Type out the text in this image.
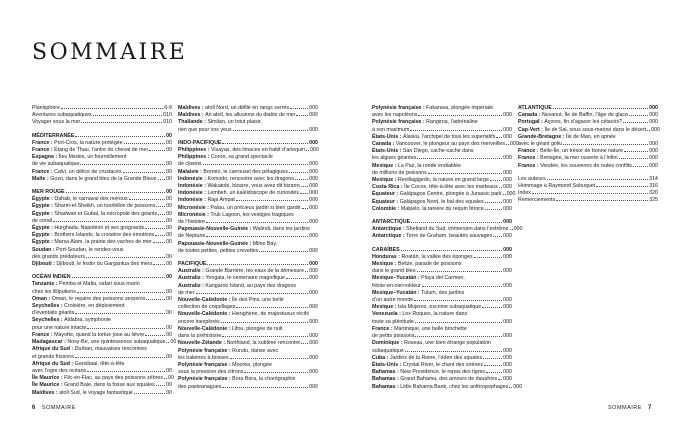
SOMMAIRE
Planisphère	6-9
Aventures subaquatiques	010
Voyager sous la mer	010
MÉDITERRANÉE	00
France : Port-Cros, la nature protégée	00
France : Étang de Thau, l’antre du cheval de mer	00
Espagne : Îles Medes, un fourmillement
de vie subaquatique	00
France : Calvi, un délice de crustacés	00
Malte : Gozo, dans le grand bleu de la Grande Bleue 00
MER ROUGE	00
Égypte : Dahab, le carnaval des mérous	00
Égypte : Sharm-el-Sheikh, un tourbillon de poissons 00
Égypte : Shadwan et Gubal, la nécropole des géants 00
de corail	00
Égypte : Hurghada, Napoléon et ses grognards	00
Égypte : Brothers Islands, la croisière des émotions 00
Égypte : Marsa Alam, la prairie des vaches de mer	00
Soudan : Port-Soudan, le rendez-vous
des grands prédateurs	00
Djibouti : Djibouti, le festin du Gargantua des mers	00
OCÉAN INDIEN	00
Tanzanie : Pemba et Mafia, safari sous-marin
chez les lilliputiens	00
Oman : Oman, le repaire des poissons serpents	00
Seychelles : Croisière, en déploiement
d’éventails géants	00
Seychelles : Aldabra, symphonie
pour une nature intacte	00
France : Mayotte, quand la tortue joue au lièvre	00
Madagascar : Nosy-Be, une quintessence subaquatique 00
Afrique du Sud : Durban, mauvaises rencontres
et grands frissons	00
Afrique du Sud : Gansbaai, tête-à-tête
avec l’ogre des océans	00
Île Maurice : Flic-en-Flac, au pays des poissons zèbres 00
Île Maurice : Grand Baie, dans la fosse aux squales 00
Maldives : atoll Sud, le voyage fantastique	00
Maldives : atoll Nord, un défilé en rangs serrés	000
Maldives : Ari atoll, les allusions du diable de mer	000
Thaïlande : Similan, un totut plaisir,
rien que pour vos yeux	000
INDO-PACIFIQUE	000
Philippines : Visayas, des limaces en habit d’arlequin 000
Philippines : Coron, sa grand spectacle
de clowns	000
Malaisie : Bornéo, le carrousel des pélagiques	000
Indonésie : Komodo, rencontre avec les dragons	000
Indonésie : Wakatobi, bizarre, vous avez dit bizarre 000
Indonésie : Lembeh, un kaléidoscope de curiosités 000
Indonésie : Raja Ampat	000
Micronésie : Palau, un précieux jardin si bien gardé 000
Micronésie : Truk Lagoon, les vestiges tragiques
de l’histoire	000
Papouasie-Nouvelle-Guinée : Walindi, dans les jardins
de Neptune	000
Papouasie-Nouvelle-Guinée : Milne Bay,
de toutes petites, petites crevettes	000
PACIFIQUE	000
Australie : Grande Barrière, les eaux de la démesure 000
Australie : Yongala, le centenaire magnifique	000
Australie : Kangaroo Island, au pays des dragons
de mer	000
Nouvelle-Calédonie : Île des Pins, une belle
collection de coquillages	000
Nouvelle-Calédonie : Hienghène, de majestueux récifs
encore inexplorés	000
Nouvelle-Calédonie : Lifou, plongée de nuit
dans la préhistoire	000
Nouvelle-Zélande : Northland, la sublime rencontre 000
Polynésie française : Rurutu, danse avec
les baleines à bosses	000
Polynésie française : Mooréa, plongée
sous la pression des citrons	000
Polynésie française : Bora Bora, la chorégraphie
des pasteanagues	000
6 SOMMAIRE
Polynésie française : Fakarava, plongée impériale
avec les napoléons	000
Polynésie française : Rangiroa, l’adrénaline
à son maximum	000
États-Unis : Alaska, l’archipel de tous les superlatifs 000
Canada : Vancouver, le plongeur au pays des merveilles 000
États-Unis : San Diego, cache-cache dans
les algues géantes	000
Mexique : La Paz, la ronde endiablée
de millions de poissons	000
Mexique : Revillagigedo, la nature en grand large	000
Costa Rica : Île Cocos, tête-à-tête avec les marteaux 000
Équateur : Galápagos Centre, plongée à Jurassic park 000
Équateur : Galápagos Nord, le bal des squales	000
Colombie : Malpelo, la tanière du requin féroce	000
ANTARCTIQUE	000
Antarctique : Shetland du Sud, immersion dans l’extrême 000
Antarctique : Terre de Graham, beautés sauvages 000
CARAÏBES	000
Honduras : Roatán, la vallée des éponges	000
Mexique : Belize, parade de poissons
dans le grand bleu	000
Mexique–Yucatán : Playa del Carmen,
frénie-en-ciel-rokteur	000
Mexique–Yucatán : Tulum, des jardins
d’un autre monde	000
Mexique : Isla Mujeres, escrime subaquatique	000
Venezuela : Los Roques, la nature dans
toute sa plénitude	000
France : Martinique, une belle brochette
de petits poissons	000
Dominique : Roseau, une bien étrange population
subaquatique	000
Cuba : Jardins de la Reine, l’éden des squales	000
États-Unis : Crystal River, le chant des sirènes	000
Bahamas : New Providence, le repas des tigres	000
Bahamas : Grand Bahama, des amours de dauphins 000
Bahamas : Little Bahama Bank, chez les anthropophages 000
ATLANTIQUE	000
Canada : Nuvanut, Île de Baffin, l’âge de glace	000
Portugal : Açores, fin d’agacer les cétacés?	000
Cap-Vert : Île de Sal, sous sous-marine dans le désert 000
Grande-Bretagne : Île de Man, en apnée
avec le géant goliu	000
France : Belle-Île, un trésor de bonne nature	000
France : Bretagne, la mer ouverte à l’infini	000
France : Vendée, les souvenirs de rudes conflits	000
Les auteurs	314
Hommage à Raymond Sahuquet	316
Index	320
Remerciements	325
SOMMAIRE 7
